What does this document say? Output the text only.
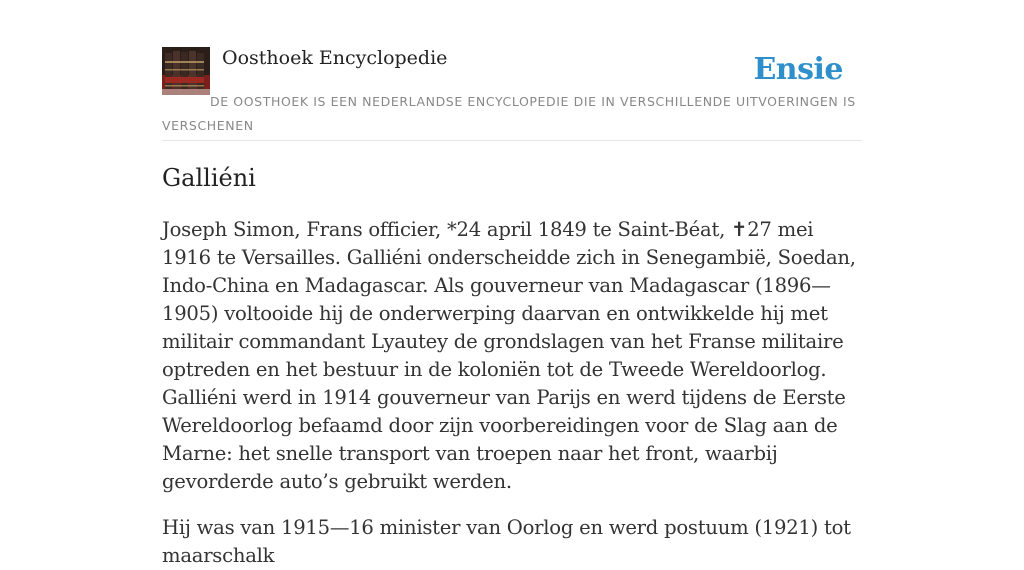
Oosthoek Encyclopedie	Ensie
DE OOSTHOEK IS EEN NEDERLANDSE ENCYCLOPEDIE DIE IN VERSCHILLENDE UITVOERINGEN IS VERSCHENEN
Galliéni

Joseph Simon, Frans officier, *24 april 1849 te Saint-Béat, ✝27 mei 1916 te Versailles. Galliéni onderscheidde zich in Senegambië, Soedan, Indo-China en Madagascar. Als gouverneur van Madagascar (1896—1905) voltooide hij de onderwerping daarvan en ontwikkelde hij met militair commandant Lyautey de grondslagen van het Franse militaire optreden en het bestuur in de koloniën tot de Tweede Wereldoorlog. Galliéni werd in 1914 gouverneur van Parijs en werd tijdens de Eerste Wereldoorlog befaamd door zijn voorbereidingen voor de Slag aan de Marne: het snelle transport van troepen naar het front, waarbij gevorderde auto’s gebruikt werden.

Hij was van 1915—16 minister van Oorlog en werd postuum (1921) tot maarschalk
